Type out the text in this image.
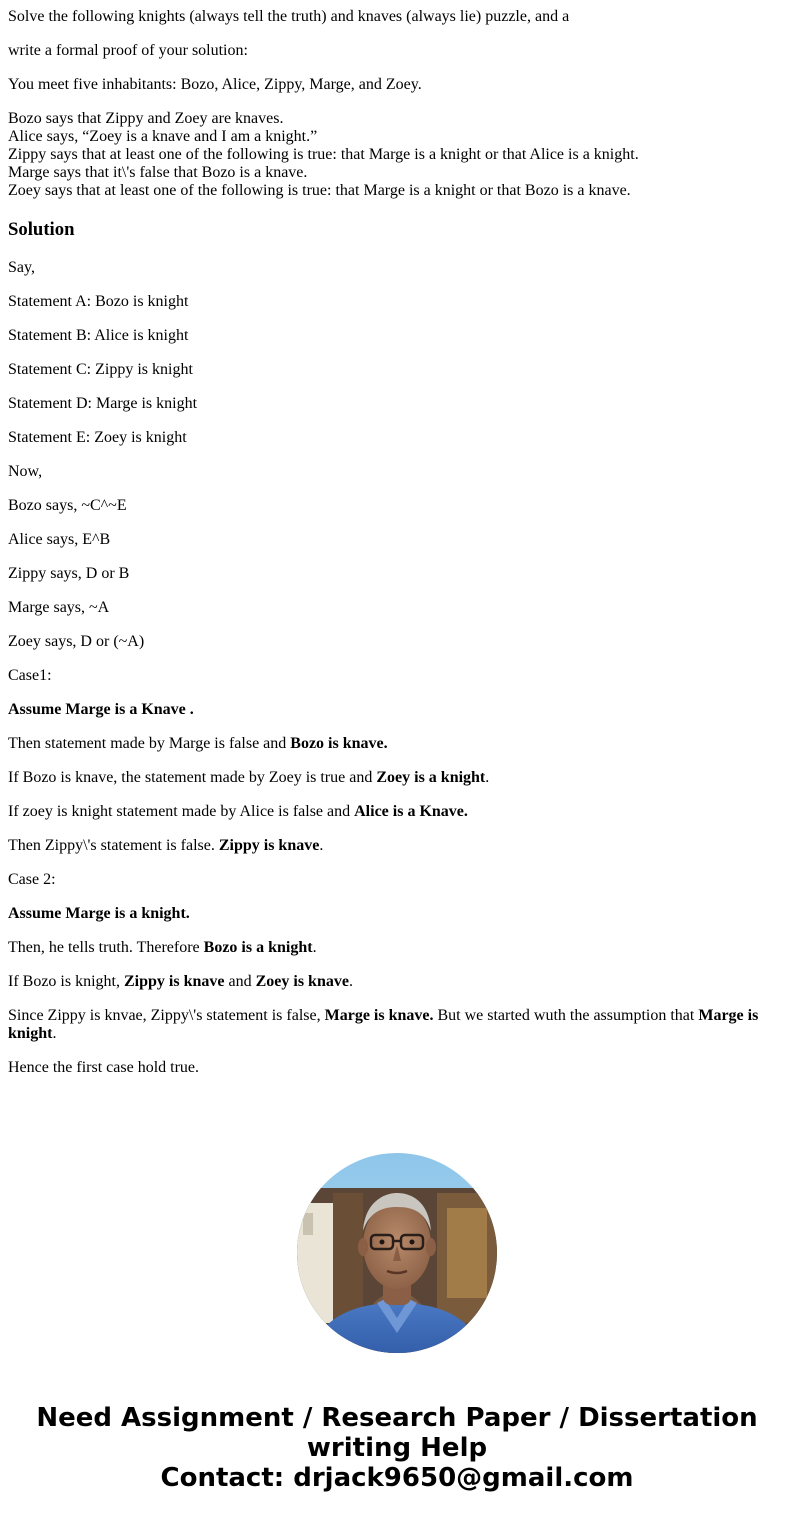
Solve the following knights (always tell the truth) and knaves (always lie) puzzle, and a

write a formal proof of your solution:

You meet five inhabitants: Bozo, Alice, Zippy, Marge, and Zoey.

Bozo says that Zippy and Zoey are knaves.

Alice says, “Zoey is a knave and I am a knight.”

Zippy says that at least one of the following is true: that Marge is a knight or that Alice is a knight.

Marge says that it\'s false that Bozo is a knave.

Zoey says that at least one of the following is true: that Marge is a knight or that Bozo is a knave.

Solution

Say,

Statement A: Bozo is knight

Statement B: Alice is knight

Statement C: Zippy is knight

Statement D: Marge is knight

Statement E: Zoey is knight

Now,

Bozo says, ~C^~E

Alice says, E^B

Zippy says, D or B

Marge says, ~A

Zoey says, D or (~A)

Case1:

Assume Marge is a Knave .

Then statement made by Marge is false and Bozo is knave.

If Bozo is knave, the statement made by Zoey is true and Zoey is a knight.

If zoey is knight statement made by Alice is false and Alice is a Knave.

Then Zippy\'s statement is false. Zippy is knave.

Case 2:

Assume Marge is a knight.

Then, he tells truth. Therefore Bozo is a knight.

If Bozo is knight, Zippy is knave and Zoey is knave.

Since Zippy is knvae, Zippy\'s statement is false, Marge is knave. But we started wuth the assumption that Marge is knight.

Hence the first case hold true.

Need Assignment / Research Paper / Dissertation
writing Help
Contact: drjack9650@gmail.com
